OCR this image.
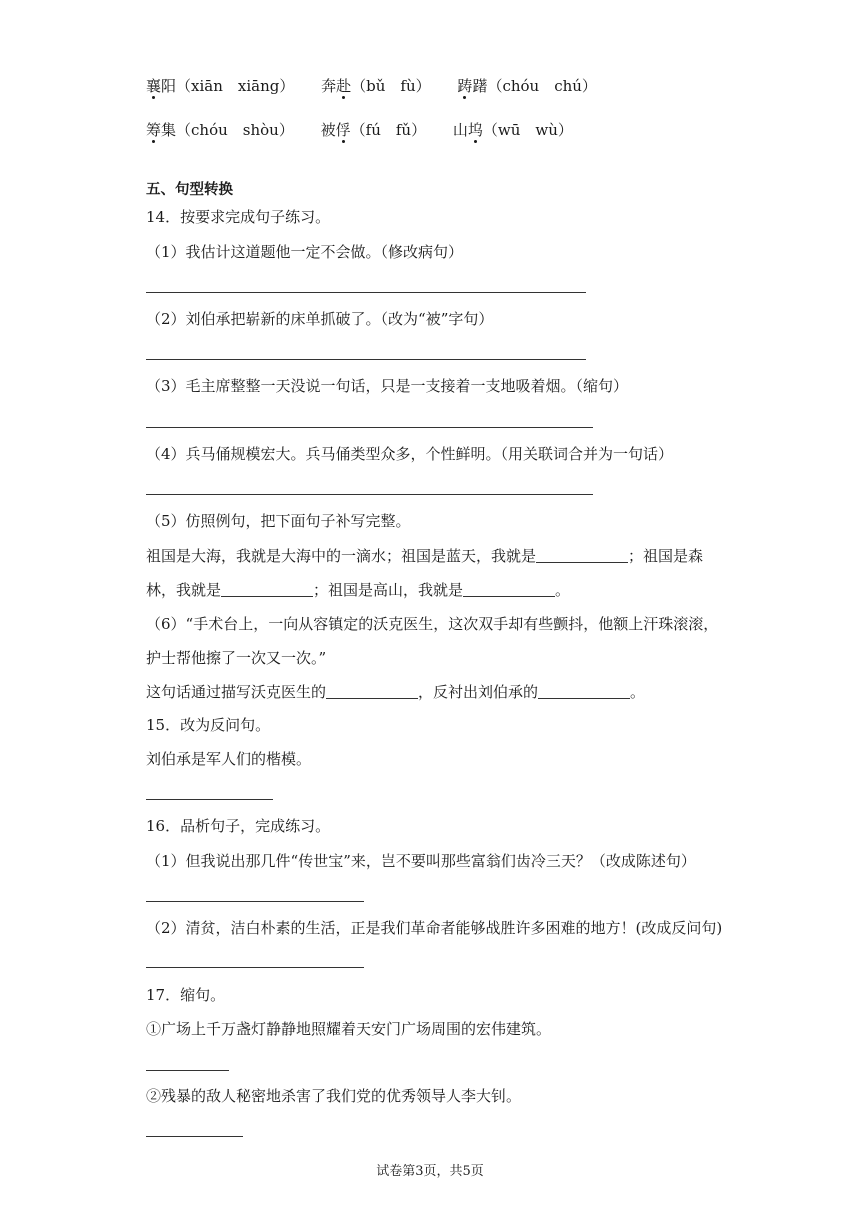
襄阳（xiān　xiāng） 奔赴（bǔ　fù） 踌躇（chóu　chú）
筹集（chóu　shòu） 被俘（fú　fǔ） 山坞（wū　wù）
五、句型转换
14．按要求完成句子练习。
（1）我估计这道题他一定不会做。（修改病句）
（2）刘伯承把崭新的床单抓破了。（改为“被”字句）
（3）毛主席整整一天没说一句话，只是一支接着一支地吸着烟。（缩句）
（4）兵马俑规模宏大。兵马俑类型众多，个性鲜明。（用关联词合并为一句话）
（5）仿照例句，把下面句子补写完整。
祖国是大海，我就是大海中的一滴水；祖国是蓝天，我就是	；祖国是森
林，我就是	；祖国是高山，我就是	。
（6）“手术台上，一向从容镇定的沃克医生，这次双手却有些颤抖，他额上汗珠滚滚，
护士帮他擦了一次又一次。”
这句话通过描写沃克医生的	，反衬出刘伯承的	。
15．改为反问句。
刘伯承是军人们的楷模。
16．品析句子，完成练习。
（1）但我说出那几件“传世宝”来，岂不要叫那些富翁们齿冷三天？（改成陈述句）
（2）清贫，洁白朴素的生活，正是我们革命者能够战胜许多困难的地方！(改成反问句)
17．缩句。
①广场上千万盏灯静静地照耀着天安门广场周围的宏伟建筑。
②残暴的敌人秘密地杀害了我们党的优秀领导人李大钊。
试卷第3页，共5页
